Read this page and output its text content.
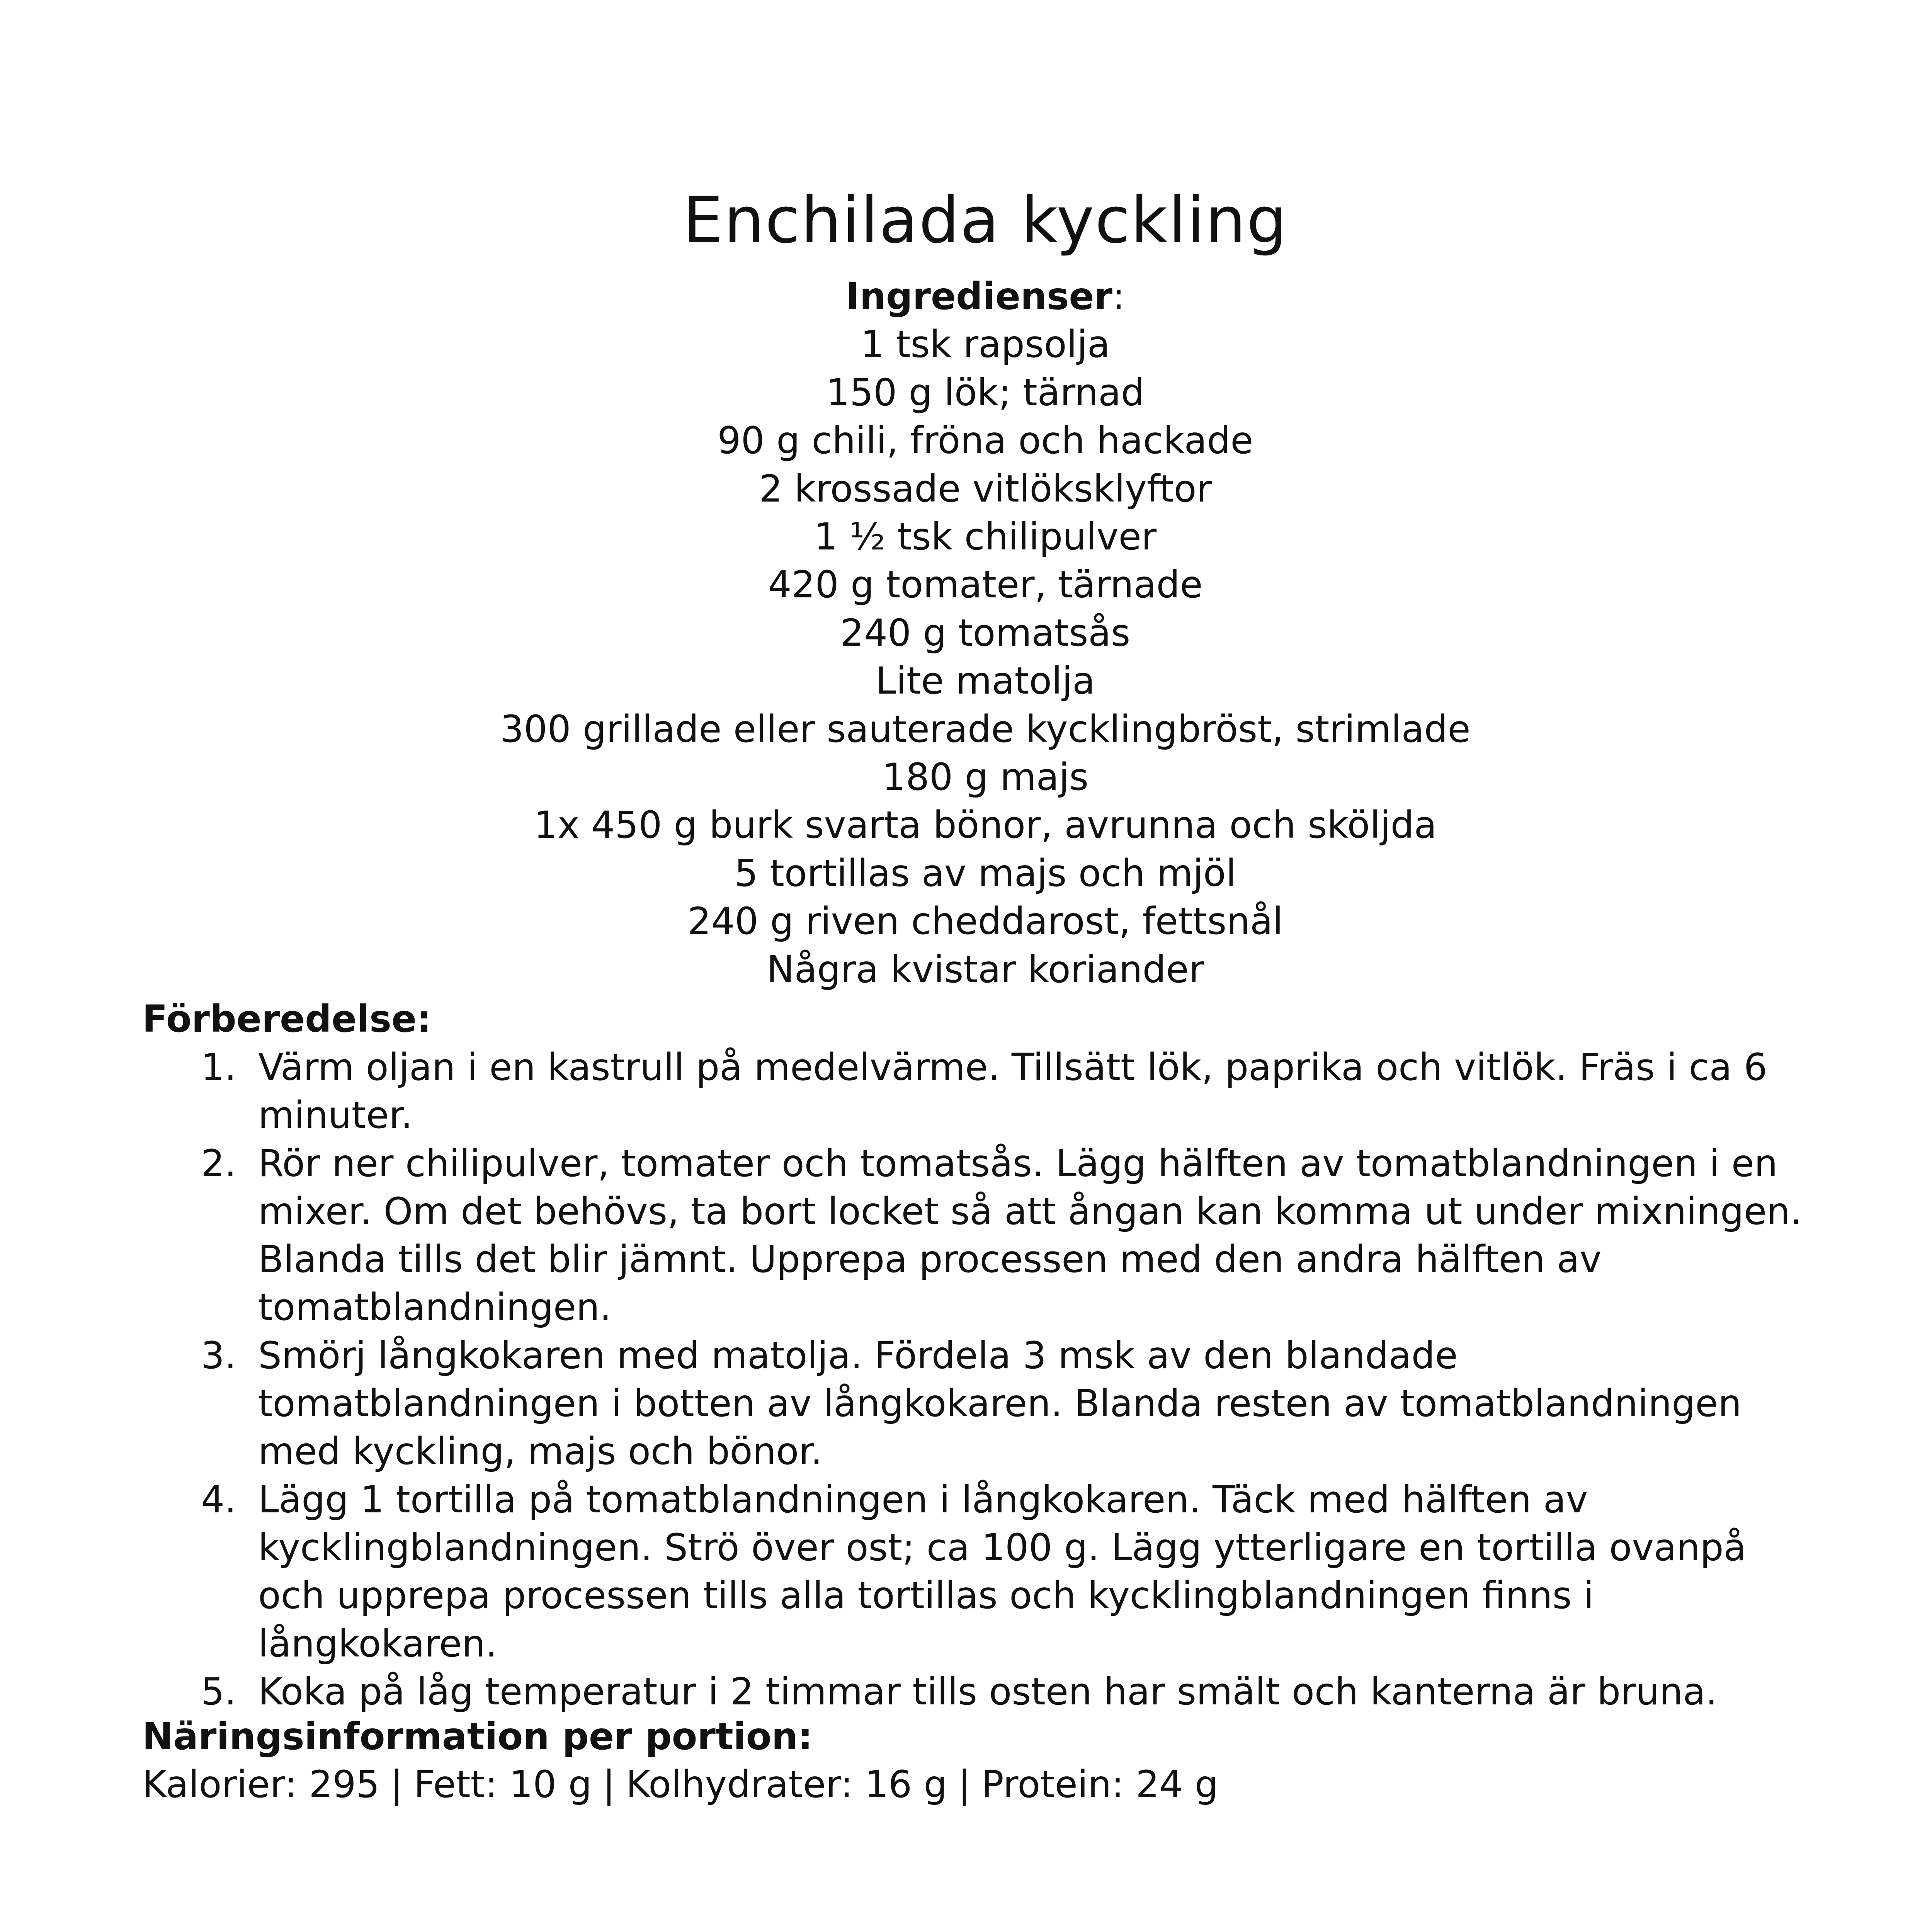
Enchilada kyckling
Ingredienser:
1 tsk rapsolja
150 g lök; tärnad
90 g chili, fröna och hackade
2 krossade vitlöksklyftor
1 ½ tsk chilipulver
420 g tomater, tärnade
240 g tomatsås
Lite matolja
300 grillade eller sauterade kycklingbröst, strimlade
180 g majs
1x 450 g burk svarta bönor, avrunna och sköljda
5 tortillas av majs och mjöl
240 g riven cheddarost, fettsnål
Några kvistar koriander
Förberedelse:
1. Värm oljan i en kastrull på medelvärme. Tillsätt lök, paprika och vitlök. Fräs i ca 6 minuter.
2. Rör ner chilipulver, tomater och tomatsås. Lägg hälften av tomatblandningen i en mixer. Om det behövs, ta bort locket så att ångan kan komma ut under mixningen. Blanda tills det blir jämnt. Upprepa processen med den andra hälften av tomatblandningen.
3. Smörj långkokaren med matolja. Fördela 3 msk av den blandade tomatblandningen i botten av långkokaren. Blanda resten av tomatblandningen med kyckling, majs och bönor.
4. Lägg 1 tortilla på tomatblandningen i långkokaren. Täck med hälften av kycklingblandningen. Strö över ost; ca 100 g. Lägg ytterligare en tortilla ovanpå och upprepa processen tills alla tortillas och kycklingblandningen finns i långkokaren.
5. Koka på låg temperatur i 2 timmar tills osten har smält och kanterna är bruna.
Näringsinformation per portion:
Kalorier: 295 | Fett: 10 g | Kolhydrater: 16 g | Protein: 24 g
